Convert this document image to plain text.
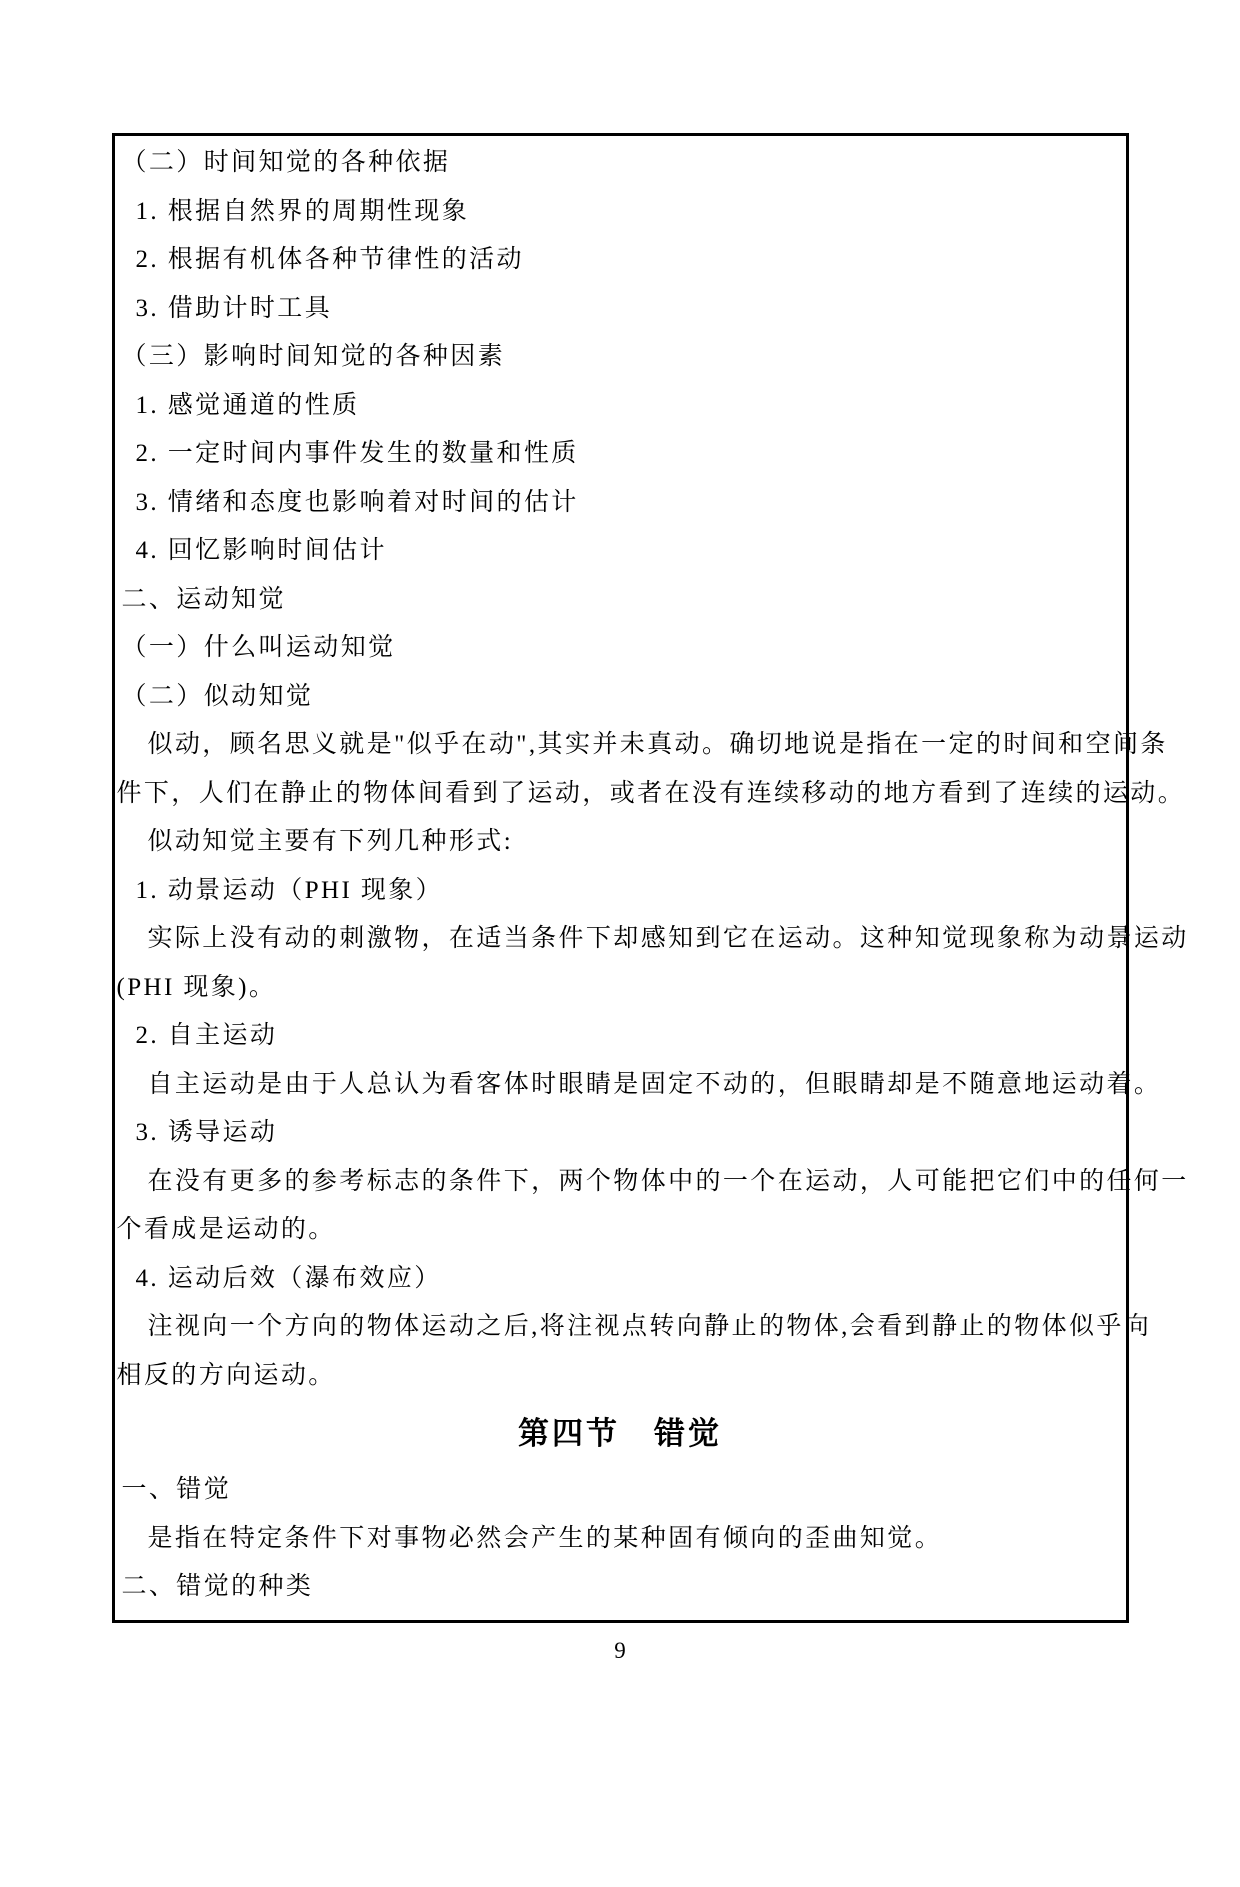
（二）时间知觉的各种依据
1. 根据自然界的周期性现象
2. 根据有机体各种节律性的活动
3. 借助计时工具
（三）影响时间知觉的各种因素
1. 感觉通道的性质
2. 一定时间内事件发生的数量和性质
3. 情绪和态度也影响着对时间的估计
4. 回忆影响时间估计
二、运动知觉
（一）什么叫运动知觉
（二）似动知觉
似动，顾名思义就是"似乎在动",其实并未真动。确切地说是指在一定的时间和空间条
件下，人们在静止的物体间看到了运动，或者在没有连续移动的地方看到了连续的运动。
似动知觉主要有下列几种形式:
1. 动景运动（PHI 现象）
实际上没有动的刺激物，在适当条件下却感知到它在运动。这种知觉现象称为动景运动
(PHI 现象)。
2. 自主运动
自主运动是由于人总认为看客体时眼睛是固定不动的，但眼睛却是不随意地运动着。
3. 诱导运动
在没有更多的参考标志的条件下，两个物体中的一个在运动，人可能把它们中的任何一
个看成是运动的。
4. 运动后效（瀑布效应）
注视向一个方向的物体运动之后,将注视点转向静止的物体,会看到静止的物体似乎向
相反的方向运动。
第四节　错觉
一、错觉
是指在特定条件下对事物必然会产生的某种固有倾向的歪曲知觉。
二、错觉的种类
9
